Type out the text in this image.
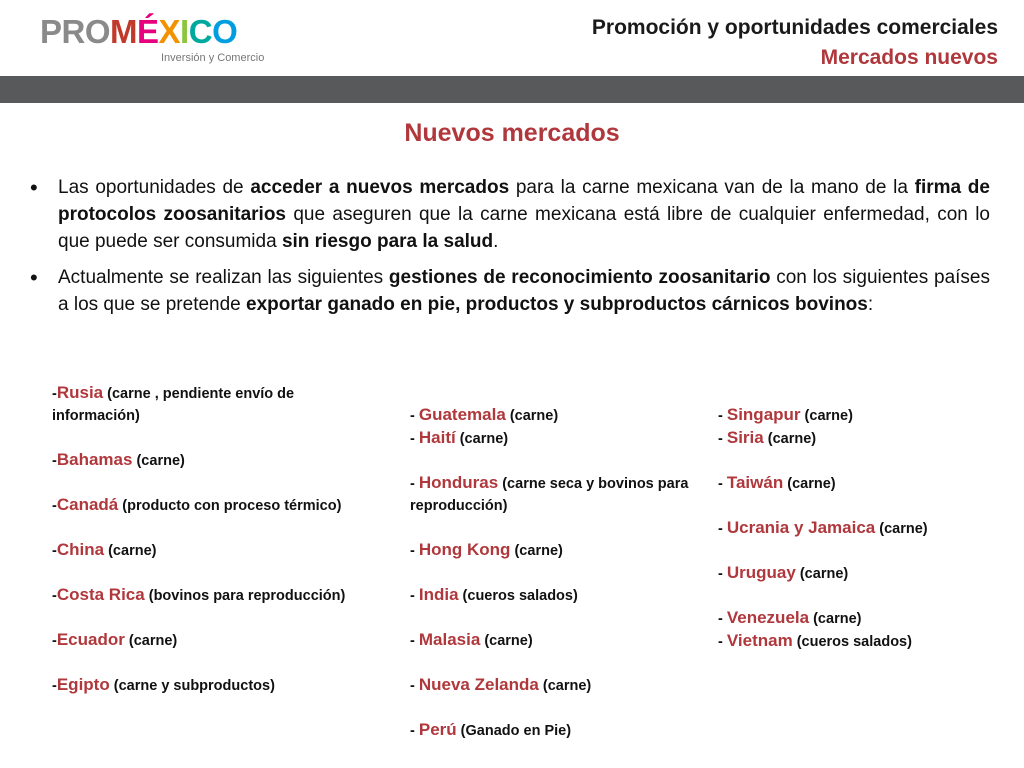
PROMÉXICO
Inversión y Comercio
Promoción y oportunidades comerciales
Mercados nuevos
Nuevos mercados
• Las oportunidades de acceder a nuevos mercados para la carne mexicana van de la mano de la firma de protocolos zoosanitarios que aseguren que la carne mexicana está libre de cualquier enfermedad, con lo que puede ser consumida sin riesgo para la salud.
• Actualmente se realizan las siguientes gestiones de reconocimiento zoosanitario con los siguientes países a los que se pretende exportar ganado en pie, productos y subproductos cárnicos bovinos:
-Rusia (carne , pendiente envío de información)
-Bahamas (carne)
-Canadá (producto con proceso térmico)
-China (carne)
-Costa Rica (bovinos para reproducción)
-Ecuador (carne)
-Egipto (carne y subproductos)
- Guatemala (carne)
- Haití (carne)
- Honduras (carne seca y bovinos para reproducción)
- Hong Kong (carne)
- India (cueros salados)
- Malasia (carne)
- Nueva Zelanda (carne)
- Perú (Ganado en Pie)
- Singapur (carne)
- Siria (carne)
- Taiwán (carne)
- Ucrania y Jamaica (carne)
- Uruguay (carne)
- Venezuela (carne)
- Vietnam (cueros salados)
